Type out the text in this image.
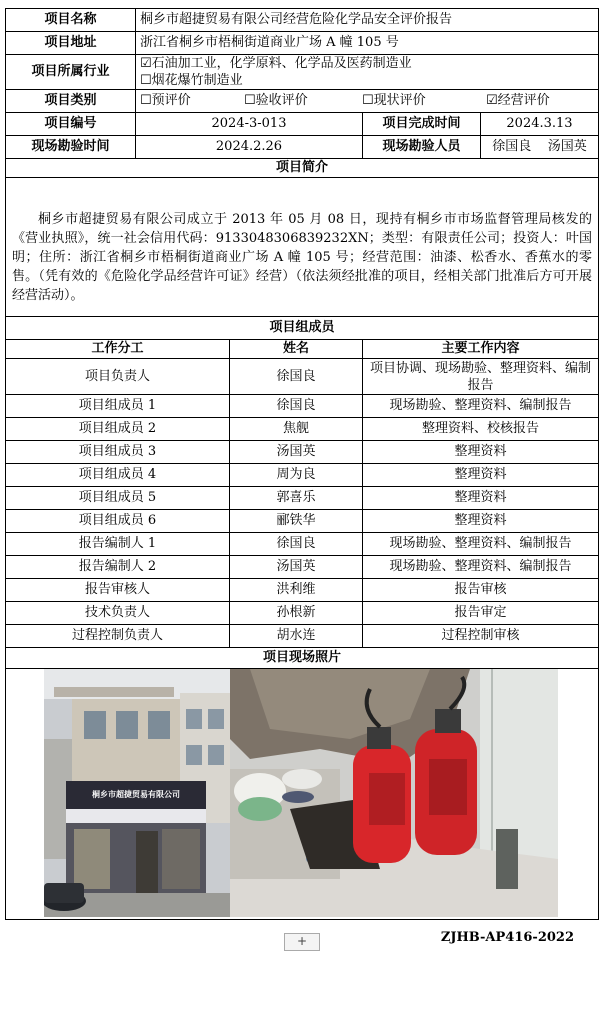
项目名称	桐乡市超捷贸易有限公司经营危险化学品安全评价报告		
项目地址	浙江省桐乡市梧桐街道商业广场 A 幢 105 号		
项目所属行业	☑石油加工业，化学原料、化学品及医药制造业
☐烟花爆竹制造业		

项目类别	☐预评价 ☐验收评价 ☐现状评价 ☑经营评价		

项目编号	2024-3-013	项目完成时间	2024.3.13
现场勘验时间	2024.2.26	现场勘验人员	徐国良    汤国英
项目简介			

桐乡市超捷贸易有限公司成立于 2013 年 05 月 08 日，现持有桐乡市市场监督管理局核发的《营业执照》，统一社会信用代码：9133048306839232XN；类型：有限责任公司；投资人：叶国明；住所：浙江省桐乡市梧桐街道商业广场 A 幢 105 号；经营范围：油漆、松香水、香蕉水的零售。（凭有效的《危险化学品经营许可证》经营）（依法须经批准的项目，经相关部门批准后方可开展经营活动）。			
项目组成员		
工作分工	姓名	主要工作内容
项目负责人	徐国良	项目协调、现场勘验、整理资料、编制报告
项目组成员 1	徐国良	现场勘验、整理资料、编制报告
项目组成员 2	焦舰	整理资料、校核报告
项目组成员 3	汤国英	整理资料
项目组成员 4	周为良	整理资料
项目组成员 5	郭喜乐	整理资料
项目组成员 6	郦铁华	整理资料
报告编制人 1	徐国良	现场勘验、整理资料、编制报告
报告编制人 2	汤国英	现场勘验、整理资料、编制报告
报告审核人	洪利维	报告审核
技术负责人	孙根新	报告审定
过程控制负责人	胡水连	过程控制审核
项目现场照片		

桐乡市超捷贸易有限公司		
+	ZJHB-AP416-2022
